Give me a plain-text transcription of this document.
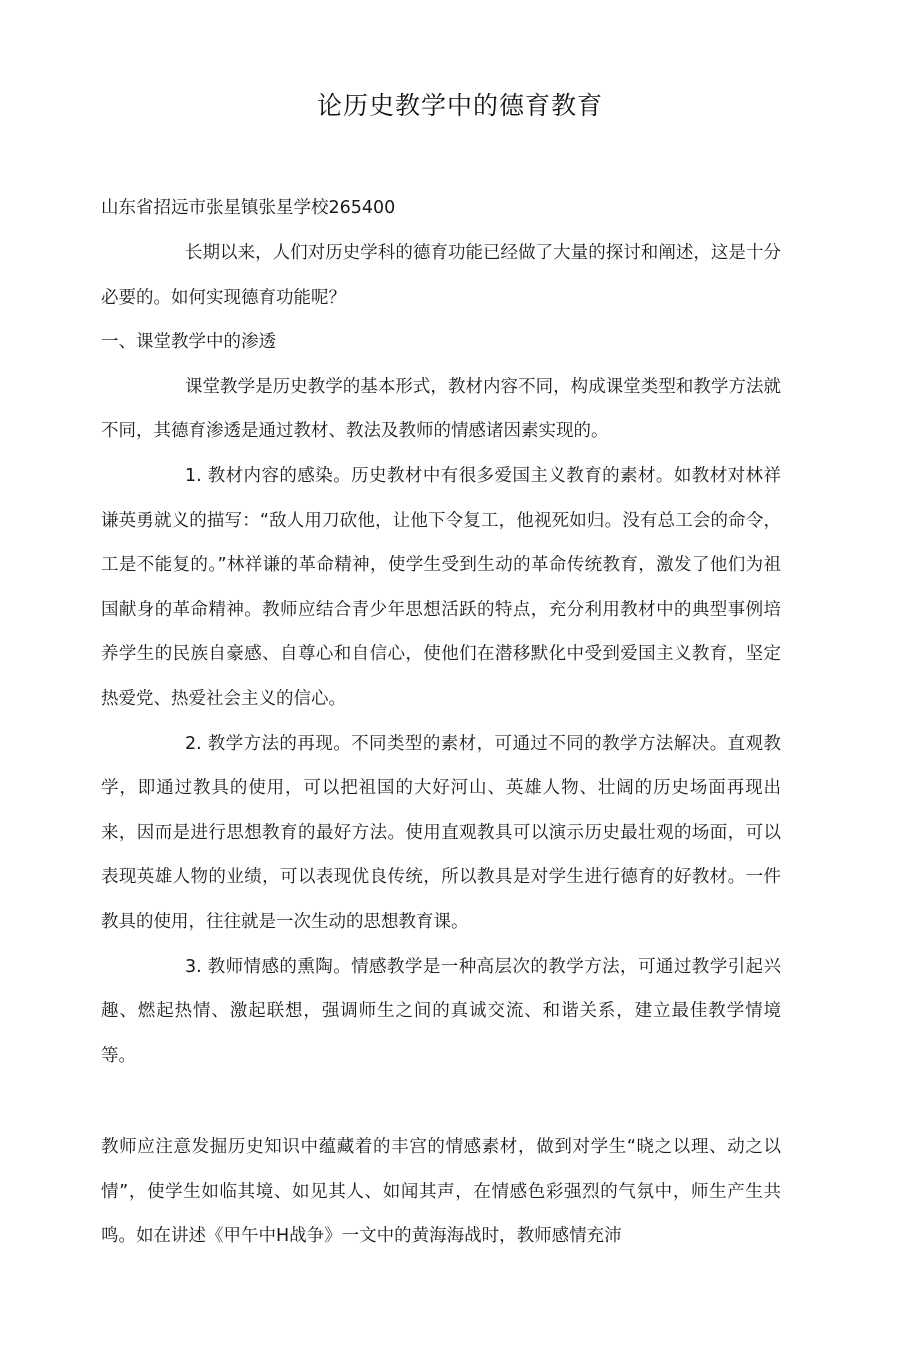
论历史教学中的德育教育

山东省招远市张星镇张星学校265400

长期以来，人们对历史学科的德育功能已经做了大量的探讨和阐述，这是十分必要的。如何实现德育功能呢？

一、课堂教学中的渗透

课堂教学是历史教学的基本形式，教材内容不同，构成课堂类型和教学方法就不同，其德育渗透是通过教材、教法及教师的情感诸因素实现的。

1. 教材内容的感染。历史教材中有很多爱国主义教育的素材。如教材对林祥谦英勇就义的描写：“敌人用刀砍他，让他下令复工，他视死如归。没有总工会的命令，工是不能复的。”林祥谦的革命精神，使学生受到生动的革命传统教育，激发了他们为祖国献身的革命精神。教师应结合青少年思想活跃的特点，充分利用教材中的典型事例培养学生的民族自豪感、自尊心和自信心，使他们在潜移默化中受到爱国主义教育，坚定热爱党、热爱社会主义的信心。

2. 教学方法的再现。不同类型的素材，可通过不同的教学方法解决。直观教学，即通过教具的使用，可以把祖国的大好河山、英雄人物、壮阔的历史场面再现出来，因而是进行思想教育的最好方法。使用直观教具可以演示历史最壮观的场面，可以表现英雄人物的业绩，可以表现优良传统，所以教具是对学生进行德育的好教材。一件教具的使用，往往就是一次生动的思想教育课。

3. 教师情感的熏陶。情感教学是一种高层次的教学方法，可通过教学引起兴趣、燃起热情、激起联想，强调师生之间的真诚交流、和谐关系，建立最佳教学情境等。

教师应注意发掘历史知识中蕴藏着的丰宫的情感素材，做到对学生“晓之以理、动之以情”，使学生如临其境、如见其人、如闻其声，在情感色彩强烈的气氛中，师生产生共鸣。如在讲述《甲午中H战争》一文中的黄海海战时，教师感情充沛
